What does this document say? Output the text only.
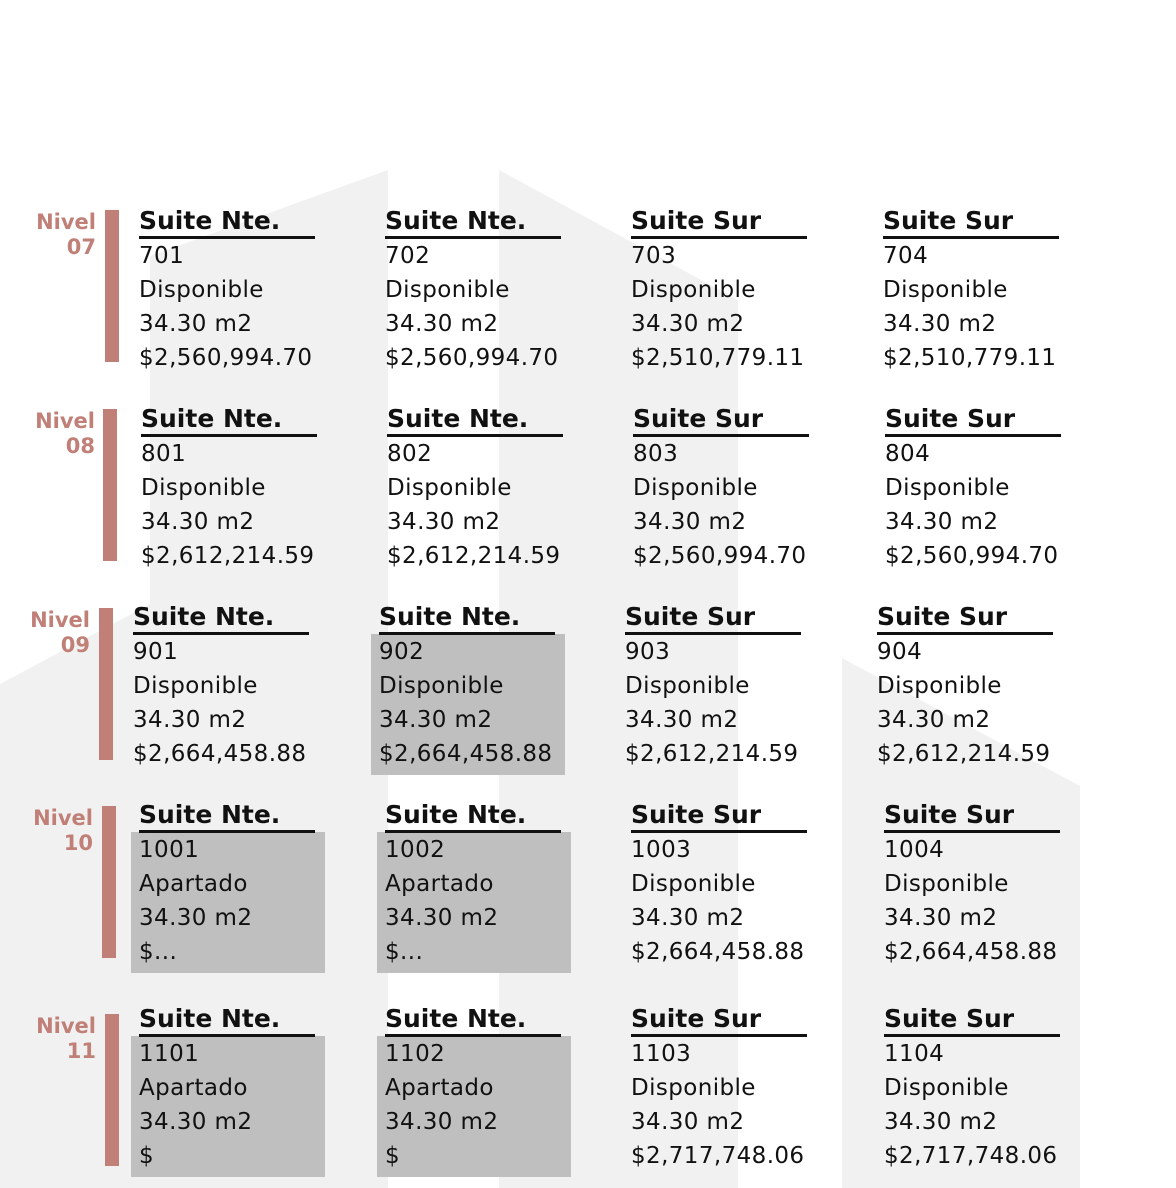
Nivel
07
Suite Nte.
701
Disponible
34.30 m2
$2,560,994.70
Suite Nte.
702
Disponible
34.30 m2
$2,560,994.70
Suite Sur
703
Disponible
34.30 m2
$2,510,779.11
Suite Sur
704
Disponible
34.30 m2
$2,510,779.11
Nivel
08
Suite Nte.
801
Disponible
34.30 m2
$2,612,214.59
Suite Nte.
802
Disponible
34.30 m2
$2,612,214.59
Suite Sur
803
Disponible
34.30 m2
$2,560,994.70
Suite Sur
804
Disponible
34.30 m2
$2,560,994.70
Nivel
09
Suite Nte.
901
Disponible
34.30 m2
$2,664,458.88
Suite Nte.
902
Disponible
34.30 m2
$2,664,458.88
Suite Sur
903
Disponible
34.30 m2
$2,612,214.59
Suite Sur
904
Disponible
34.30 m2
$2,612,214.59
Nivel
10
Suite Nte.
1001
Apartado
34.30 m2
$...
Suite Nte.
1002
Apartado
34.30 m2
$...
Suite Sur
1003
Disponible
34.30 m2
$2,664,458.88
Suite Sur
1004
Disponible
34.30 m2
$2,664,458.88
Nivel
11
Suite Nte.
1101
Apartado
34.30 m2
$
Suite Nte.
1102
Apartado
34.30 m2
$
Suite Sur
1103
Disponible
34.30 m2
$2,717,748.06
Suite Sur
1104
Disponible
34.30 m2
$2,717,748.06
